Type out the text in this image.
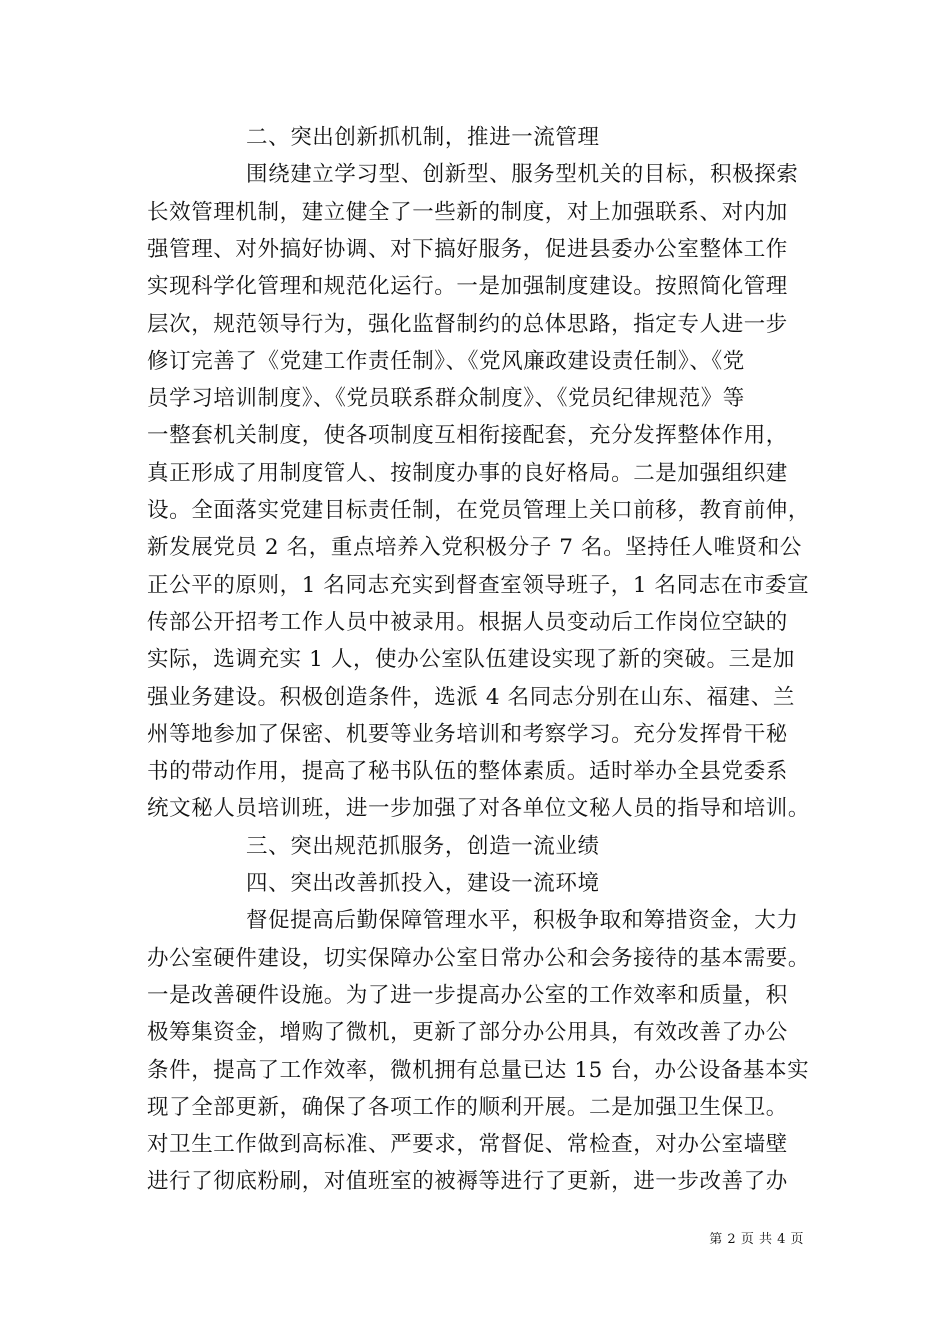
二、突出创新抓机制，推进一流管理
围绕建立学习型、创新型、服务型机关的目标，积极探索
长效管理机制，建立健全了一些新的制度，对上加强联系、对内加
强管理、对外搞好协调、对下搞好服务，促进县委办公室整体工作
实现科学化管理和规范化运行。一是加强制度建设。按照简化管理
层次，规范领导行为，强化监督制约的总体思路，指定专人进一步
修订完善了《党建工作责任制》、《党风廉政建设责任制》、《党
员学习培训制度》、《党员联系群众制度》、《党员纪律规范》等
一整套机关制度，使各项制度互相衔接配套，充分发挥整体作用，
真正形成了用制度管人、按制度办事的良好格局。二是加强组织建
设。全面落实党建目标责任制，在党员管理上关口前移，教育前伸，
新发展党员 2 名，重点培养入党积极分子 7 名。坚持任人唯贤和公
正公平的原则，1 名同志充实到督查室领导班子，1 名同志在市委宣
传部公开招考工作人员中被录用。根据人员变动后工作岗位空缺的
实际，选调充实 1 人，使办公室队伍建设实现了新的突破。三是加
强业务建设。积极创造条件，选派 4 名同志分别在山东、福建、兰
州等地参加了保密、机要等业务培训和考察学习。充分发挥骨干秘
书的带动作用，提高了秘书队伍的整体素质。适时举办全县党委系
统文秘人员培训班，进一步加强了对各单位文秘人员的指导和培训。
三、突出规范抓服务，创造一流业绩
四、突出改善抓投入，建设一流环境
督促提高后勤保障管理水平，积极争取和筹措资金，大力
办公室硬件建设，切实保障办公室日常办公和会务接待的基本需要。
一是改善硬件设施。为了进一步提高办公室的工作效率和质量，积
极筹集资金，增购了微机，更新了部分办公用具，有效改善了办公
条件，提高了工作效率，微机拥有总量已达 15 台，办公设备基本实
现了全部更新，确保了各项工作的顺利开展。二是加强卫生保卫。
对卫生工作做到高标准、严要求，常督促、常检查，对办公室墙壁
进行了彻底粉刷，对值班室的被褥等进行了更新，进一步改善了办
第 2 页 共 4 页
